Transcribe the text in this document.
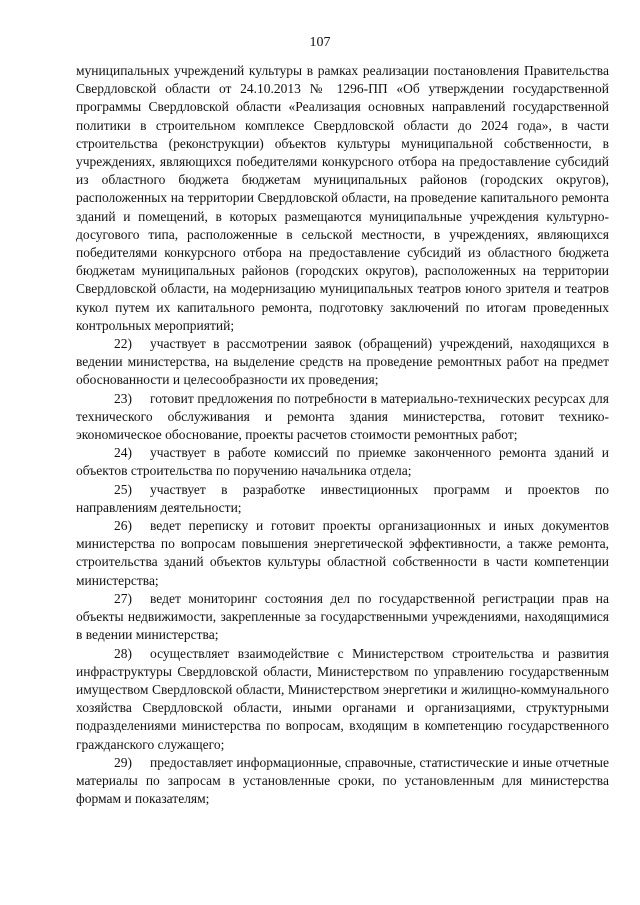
107

муниципальных учреждений культуры в рамках реализации постановления Правительства Свердловской области от 24.10.2013 № 1296-ПП «Об утверждении государственной программы Свердловской области «Реализация основных направлений государственной политики в строительном комплексе Свердловской области до 2024 года», в части строительства (реконструкции) объектов культуры муниципальной собственности, в учреждениях, являющихся победителями конкурсного отбора на предоставление субсидий из областного бюджета бюджетам муниципальных районов (городских округов), расположенных на территории Свердловской области, на проведение капитального ремонта зданий и помещений, в которых размещаются муниципальные учреждения культурно-досугового типа, расположенные в сельской местности, в учреждениях, являющихся победителями конкурсного отбора на предоставление субсидий из областного бюджета бюджетам муниципальных районов (городских округов), расположенных на территории Свердловской области, на модернизацию муниципальных театров юного зрителя и театров кукол путем их капитального ремонта, подготовку заключений по итогам проведенных контрольных мероприятий;

22) участвует в рассмотрении заявок (обращений) учреждений, находящихся в ведении министерства, на выделение средств на проведение ремонтных работ на предмет обоснованности и целесообразности их проведения;

23) готовит предложения по потребности в материально-технических ресурсах для технического обслуживания и ремонта здания министерства, готовит технико-экономическое обоснование, проекты расчетов стоимости ремонтных работ;

24) участвует в работе комиссий по приемке законченного ремонта зданий и объектов строительства по поручению начальника отдела;

25) участвует в разработке инвестиционных программ и проектов по направлениям деятельности;

26) ведет переписку и готовит проекты организационных и иных документов министерства по вопросам повышения энергетической эффективности, а также ремонта, строительства зданий объектов культуры областной собственности в части компетенции министерства;

27) ведет мониторинг состояния дел по государственной регистрации прав на объекты недвижимости, закрепленные за государственными учреждениями, находящимися в ведении министерства;

28) осуществляет взаимодействие с Министерством строительства и развития инфраструктуры Свердловской области, Министерством по управлению государственным имуществом Свердловской области, Министерством энергетики и жилищно-коммунального хозяйства Свердловской области, иными органами и организациями, структурными подразделениями министерства по вопросам, входящим в компетенцию государственного гражданского служащего;

29) предоставляет информационные, справочные, статистические и иные отчетные материалы по запросам в установленные сроки, по установленным для министерства формам и показателям;
